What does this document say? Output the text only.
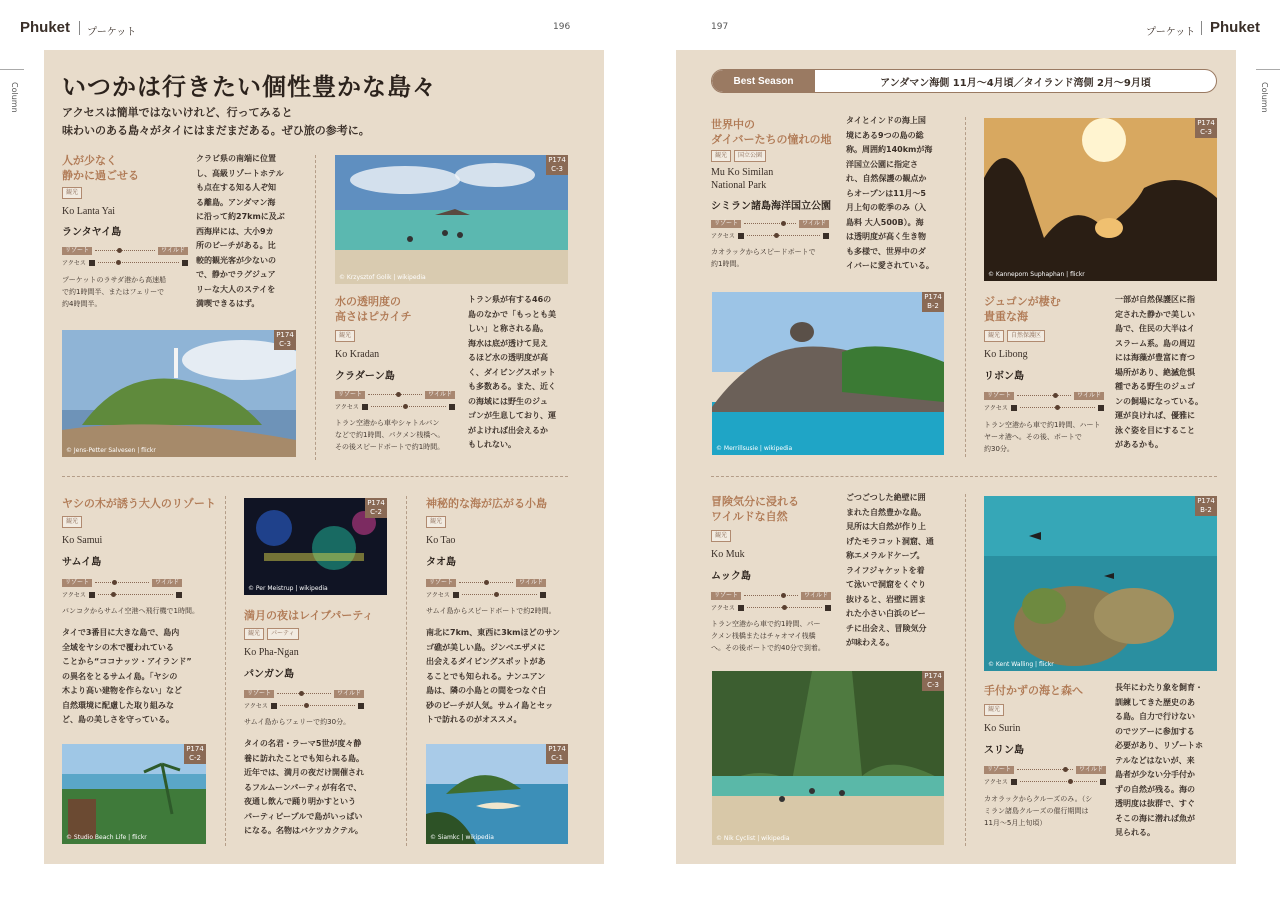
Phuket プーケット	196	197	プーケット Phuket
Column	Column
いつかは行きたい個性豊かな島々
アクセスは簡単ではないけれど、行ってみると
味わいのある島々がタイにはまだまだある。ぜひ旅の参考に。
人が少なく
静かに過ごせる
観光
Ko Lanta Yai
ランタヤイ島
リゾート	ワイルド
アクセス
プーケットのラサダ港から高速船
で約1時間半、またはフェリーで
約4時間半。
クラビ県の南端に位置
し、高級リゾートホテル
も点在する知る人ぞ知
る離島。アンダマン海
に沿って約27kmに及ぶ
西海岸には、大小9カ
所のビーチがある。比
較的観光客が少ないの
で、静かでラグジュア
リーな大人のステイを
満喫できるはず。
P174 C-3
© Krzysztof Golik | wikipedia
水の透明度の
高さはピカイチ
観光
Ko Kradan
クラダーン島
リゾート	ワイルド
アクセス
トラン空港から車やシャトルバン
などで約1時間、パクメン桟橋へ。
その後スピードボートで約1時間。
トラン県が有する46の
島のなかで「もっとも美
しい」と称される島。
海水は底が透けて見え
るほど水の透明度が高
く、ダイビングスポット
も多数ある。また、近く
の海域には野生のジュ
ゴンが生息しており、運
がよければ出会えるか
もしれない。
P174 C-3
© Jens-Petter Salvesen | flickr
ヤシの木が誘う大人のリゾート
観光
Ko Samui
サムイ島
リゾート	ワイルド
アクセス
バンコクからサムイ空港へ飛行機で1時間。
タイで3番目に大きな島で、島内
全域をヤシの木で覆われている
ことから“ココナッツ・アイランド”
の異名をとるサムイ島。「ヤシの
木より高い建物を作らない」など
自然環境に配慮した取り組みな
ど、島の美しさを守っている。
P174 C-2
© Studio Beach Life | flickr
P174 C-2
© Per Meistrup | wikipedia
満月の夜はレイブパーティ
観光	パーティ
Ko Pha-Ngan
パンガン島
リゾート	ワイルド
アクセス
サムイ島からフェリーで約30分。
タイの名君・ラーマ5世が度々静
養に訪れたことでも知られる島。
近年では、満月の夜だけ開催され
るフルムーンパーティが有名で、
夜通し飲んで踊り明かすという
パーティピープルで島がいっぱい
になる。名物はバケツカクテル。
神秘的な海が広がる小島
観光
Ko Tao
タオ島
リゾート	ワイルド
アクセス
サムイ島からスピードボートで約2時間。
南北に7km、東西に3kmほどのサン
ゴ礁が美しい島。ジンベエザメに
出会えるダイビングスポットがあ
ることでも知られる。ナンユアン
島は、隣の小島との間をつなぐ白
砂のビーチが人気。サムイ島とセッ
トで訪れるのがオススメ。
P174 C-1
© Siamkc | wikipedia
Best Season	アンダマン海側 11月〜4月頃／タイランド湾側 2月〜9月頃
世界中の
ダイバーたちの憧れの地
観光	国立公園
Mu Ko Similan
National Park
シミラン諸島海洋国立公園
リゾート	ワイルド
アクセス
カオラックからスピードボートで
約1時間。
タイとインドの海上国
境にある9つの島の総
称。周囲約140kmが海
洋国立公園に指定さ
れ、自然保護の観点か
らオープンは11月〜5
月上旬の乾季のみ（入
島料 大人500B）。海
は透明度が高く生き物
も多様で、世界中のダ
イバーに愛されている。
P174 B-2
© Merrillsusie | wikipedia
P174 C-3
© Kanneporn Suphaphan | flickr
ジュゴンが棲む
貴重な海
観光	自然保護区
Ko Libong
リボン島
リゾート	ワイルド
アクセス
トラン空港から車で約1時間、ハート
ヤーオ港へ。その後、ボートで
約30分。
一部が自然保護区に指
定された静かで美しい
島で、住民の大半はイ
スラーム系。島の周辺
には海藻が豊富に育つ
場所があり、絶滅危惧
種である野生のジュゴ
ンの飼場になっている。
運が良ければ、優雅に
泳ぐ姿を目にすること
があるかも。
冒険気分に浸れる
ワイルドな自然
観光
Ko Muk
ムック島
リゾート	ワイルド
アクセス
トラン空港から車で約1時間、パー
クメン桟橋またはチャオマイ桟橋
へ。その後ボートで約40分で到着。
ごつごつした絶壁に囲
まれた自然豊かな島。
見所は大自然が作り上
げたモラコット洞窟、通
称エメラルドケーブ。
ライフジャケットを着
て泳いで洞窟をくぐり
抜けると、岩壁に囲ま
れた小さい白浜のビー
チに出会え、冒険気分
が味わえる。
P174 C-3
© Nik Cyclist | wikipedia
P174 B-2
© Kent Walling | flickr
手付かずの海と森へ
観光
Ko Surin
スリン島
リゾート	ワイルド
アクセス
カオラックからクルーズのみ。（シ
ミラン諸島クルーズの催行期間は
11月〜5月上旬頃）
長年にわたり象を飼育・
訓練してきた歴史のあ
る島。自力で行けない
のでツアーに参加する
必要があり、リゾートホ
テルなどはないが、来
島者が少ない分手付か
ずの自然が残る。海の
透明度は抜群で、すぐ
そこの海に潜れば魚が
見られる。
